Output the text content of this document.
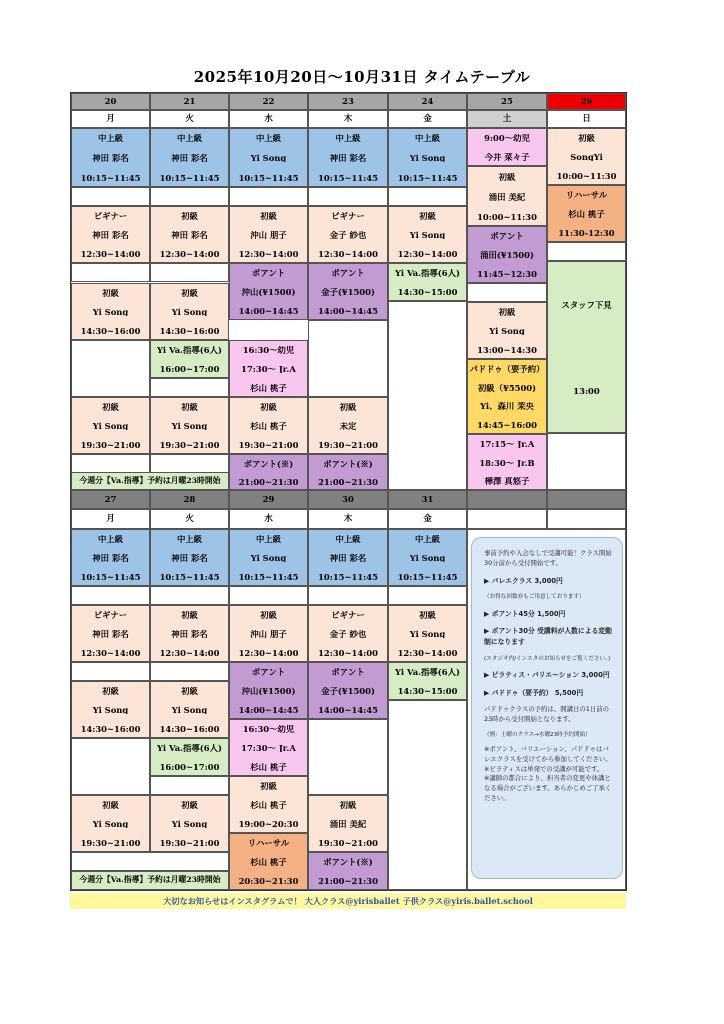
2025年10月20日～10月31日 タイムテーブル
20
月
21
火
22
水
23
木
24
金
25
土
26
日
中上級
神田 彩名
10:15~11:45
中上級
神田 彩名
10:15~11:45
中上級
Yi Song
10:15~11:45
中上級
神田 彩名
10:15~11:45
中上級
Yi Song
10:15~11:45
ビギナー
神田 彩名
12:30~14:00
初級
神田 彩名
12:30~14:00
初級
沖山 朋子
12:30~14:00
ビギナー
金子 紗也
12:30~14:00
初級
Yi Song
12:30~14:00
ポアント
沖山(¥1500)
14:00~14:45
ポアント
金子(¥1500)
14:00~14:45
Yi Va.指導(6人)
14:30~15:00
初級
Yi Song
14:30~16:00
初級
Yi Song
14:30~16:00
Yi Va.指導(6人)
16:00~17:00
16:30～幼児
17:30～ Jr.A
杉山 桃子
初級
Yi Song
19:30~21:00
初級
Yi Song
19:30~21:00
初級
杉山 桃子
19:30~21:00
初級
未定
19:30~21:00
ポアント(※)
21:00~21:30
ポアント(※)
21:00~21:30
9:00～幼児
今井 菜々子
初級
涌田 美紀
10:00~11:30
ポアント
涌田(¥1500)
11:45~12:30
初級
Yi Song
13:00~14:30
パドドゥ（要予約）
初級（¥5500)
Yi、森川 茉央
14:45~16:00
17:15～ Jr.A
18:30～ Jr.B
樺澤 真悠子
初級
SongYi
10:00~11:30
リハーサル
杉山 桃子
11:30-12:30
スタッフ下見
13:00
今週分【Va.指導】予約は月曜23時開始
27
月
28
火
29
水
30
木
31
金
中上級
神田 彩名
10:15~11:45
中上級
神田 彩名
10:15~11:45
中上級
Yi Song
10:15~11:45
中上級
神田 彩名
10:15~11:45
中上級
Yi Song
10:15~11:45
ビギナー
神田 彩名
12:30~14:00
初級
神田 彩名
12:30~14:00
初級
沖山 朋子
12:30~14:00
ビギナー
金子 紗也
12:30~14:00
初級
Yi Song
12:30~14:00
ポアント
沖山(¥1500)
14:00~14:45
ポアント
金子(¥1500)
14:00~14:45
Yi Va.指導(6人)
14:30~15:00
初級
Yi Song
14:30~16:00
初級
Yi Song
14:30~16:00
Yi Va.指導(6人)
16:00~17:00
16:30～幼児
17:30～ Jr.A
杉山 桃子
初級
杉山 桃子
19:00~20:30
リハーサル
杉山 桃子
20:30~21:30
初級
Yi Song
19:30~21:00
初級
Yi Song
19:30~21:00
初級
涌田 美紀
19:30~21:00
ポアント(※)
21:00~21:30
今週分【Va.指導】予約は月曜23時開始

事前予約や入会なしで受講可能！クラス開始30分前から受付開始です。

▶ バレエクラス 3,000円

（お得な回数券もご用意しております）

▶ ポアント45分 1,500円

▶ ポアント30分 受講料が人数による変動制になります

(スタジオ内/インスタのお知らせをご覧ください。)

▶ ピラティス・バリエーション 3,000円

▶ パドドゥ（要予約） 5,500円

パドドゥクラスの予約は、開講日の1日前の23時から受付開始となります。

（例：土曜のクラス→水曜23時予約開始）

※ポアント、バリエーション、パドドゥはバレエクラスを受けてから参加してください。

※ピラティスは単発での受講が可能です。

※講師の都合により、担当者の変更や休講となる場合がございます。あらかじめご了承ください。

大切なお知らせはインスタグラムで！ 大人クラス@yirisballet 子供クラス@yiris.ballet.school
